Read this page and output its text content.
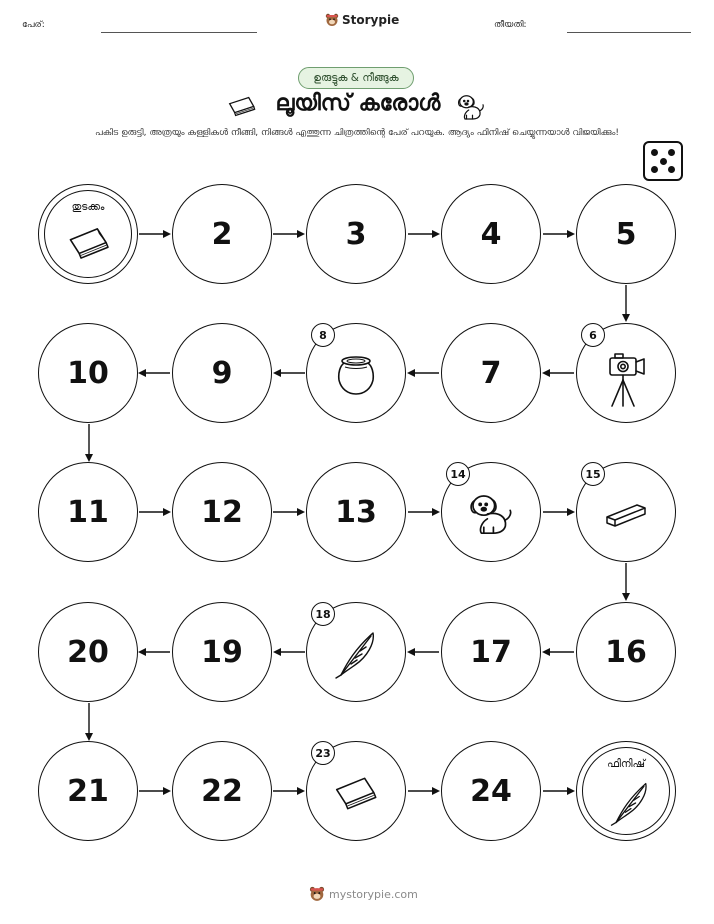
പേര്:	Storypie	തീയതി:
ഉരുട്ടുക & നീങ്ങുക
ലൂയിസ് കരോൾ
പകിട ഉരുട്ടി, അത്രയും കള്ളികൾ നീങ്ങി, നിങ്ങൾ എത്തുന്ന ചിത്രത്തിന്റെ പേര് പറയുക. ആദ്യം ഫിനിഷ് ചെയ്യുന്നയാൾ വിജയിക്കും!
തുടക്കം
2	3	4	5
10	9
8
7
6
11	12	13
14	15
20	19
18
17	16
21	22
23
24
ഫിനിഷ്
mystorypie.com
